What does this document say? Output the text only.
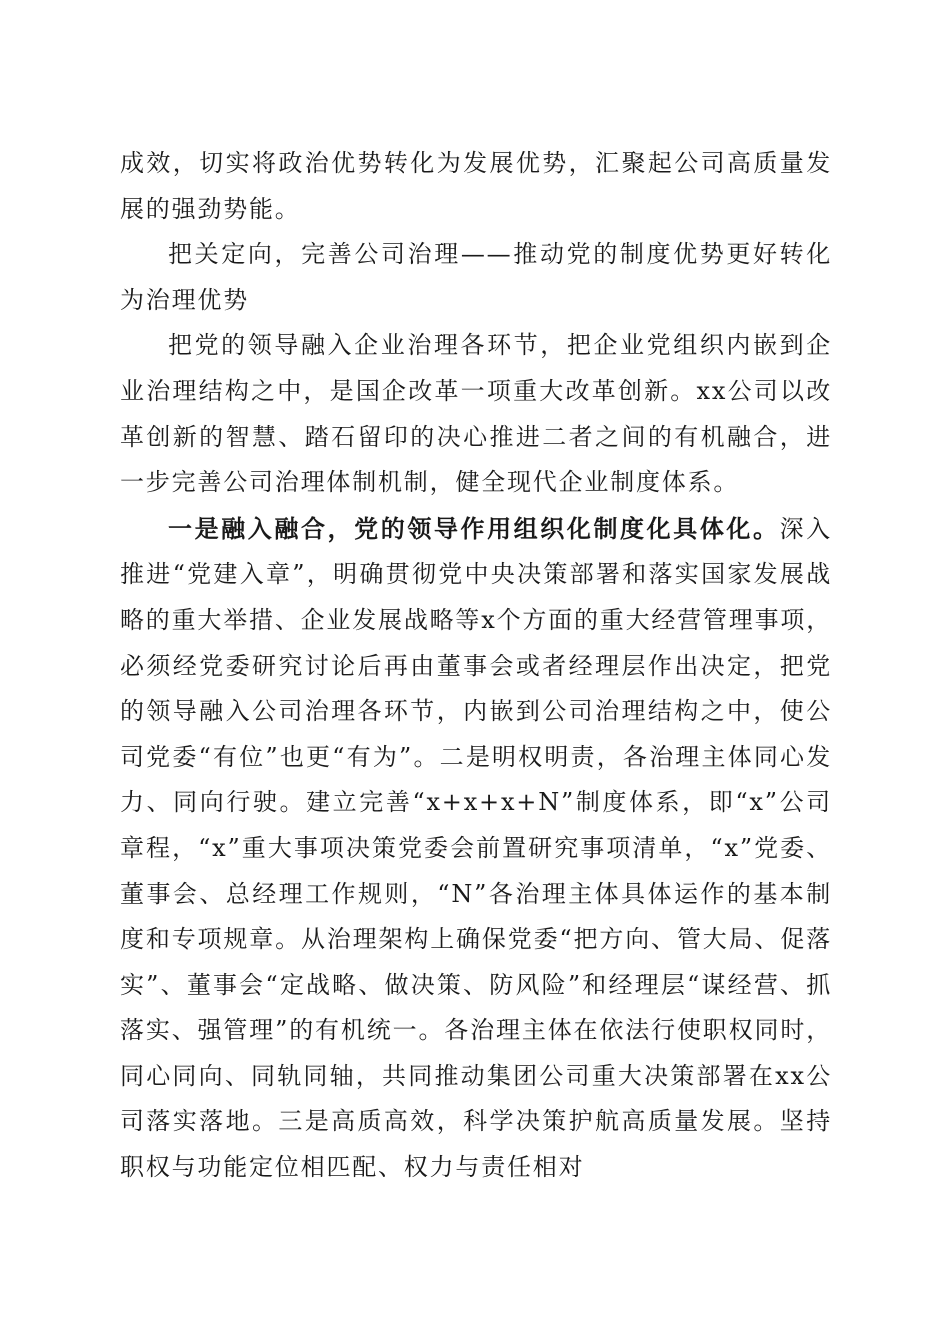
成效，切实将政治优势转化为发展优势，汇聚起公司高质量发展的强劲势能。

把关定向，完善公司治理——推动党的制度优势更好转化为治理优势

把党的领导融入企业治理各环节，把企业党组织内嵌到企业治理结构之中，是国企改革一项重大改革创新。xx公司以改革创新的智慧、踏石留印的决心推进二者之间的有机融合，进一步完善公司治理体制机制，健全现代企业制度体系。

一是融入融合，党的领导作用组织化制度化具体化。深入推进“党建入章”，明确贯彻党中央决策部署和落实国家发展战略的重大举措、企业发展战略等x个方面的重大经营管理事项，必须经党委研究讨论后再由董事会或者经理层作出决定，把党的领导融入公司治理各环节，内嵌到公司治理结构之中，使公司党委“有位”也更“有为”。二是明权明责，各治理主体同心发力、同向行驶。建立完善“x+x+x+N”制度体系，即“x”公司章程，“x”重大事项决策党委会前置研究事项清单，“x”党委、董事会、总经理工作规则，“N”各治理主体具体运作的基本制度和专项规章。从治理架构上确保党委“把方向、管大局、促落实”、董事会“定战略、做决策、防风险”和经理层“谋经营、抓落实、强管理”的有机统一。各治理主体在依法行使职权同时，同心同向、同轨同轴，共同推动集团公司重大决策部署在xx公司落实落地。三是高质高效，科学决策护航高质量发展。坚持职权与功能定位相匹配、权力与责任相对
